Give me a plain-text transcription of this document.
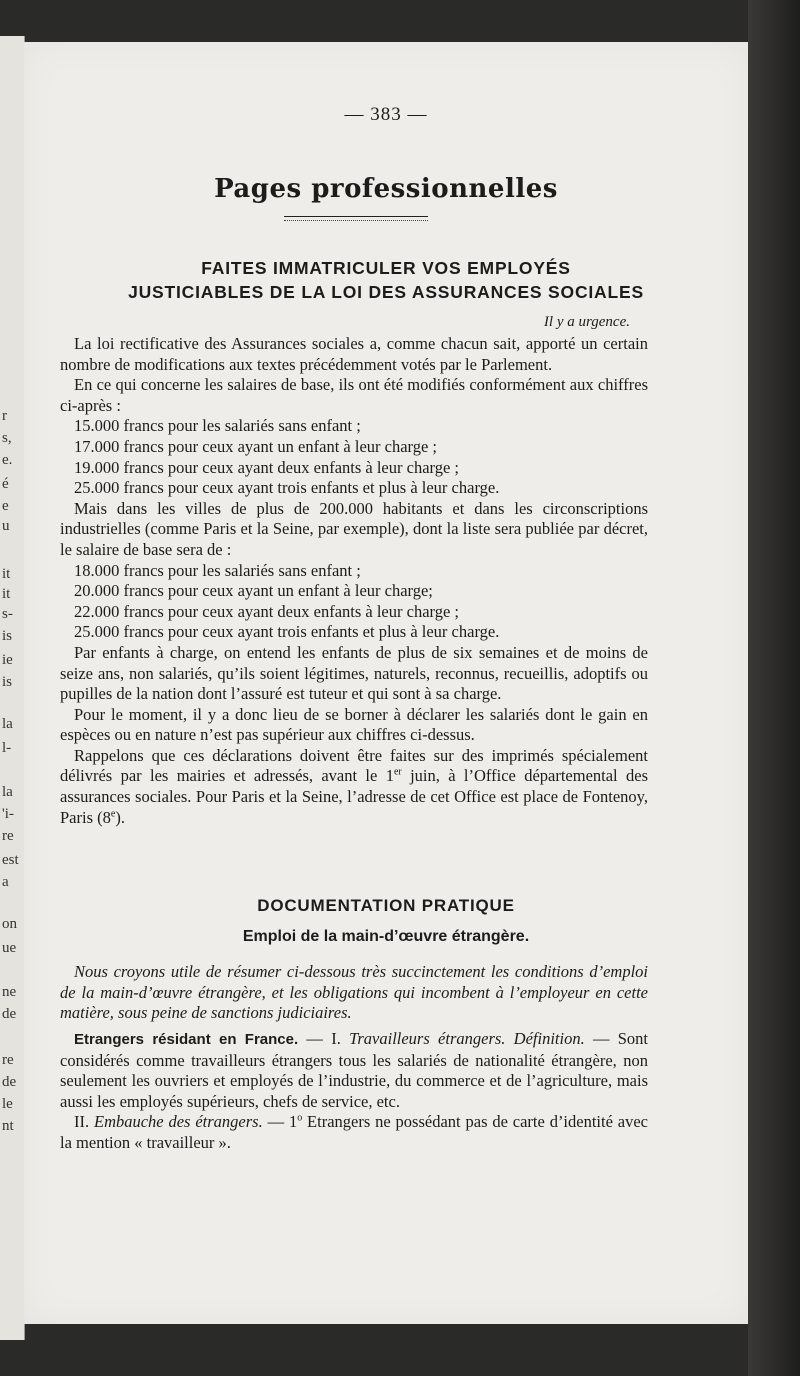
r
s,
e.
é
e
u
it
it
s-
is
ie
is
la
l-
la
'i-
re
est
a
on
ue
ne
de
re
de
le
nt
— 383 —
Pages professionnelles
FAITES IMMATRICULER VOS EMPLOYÉS
JUSTICIABLES DE LA LOI DES ASSURANCES SOCIALES
Il y a urgence.

La loi rectificative des Assurances sociales a, comme chacun sait, apporté un certain nombre de modifications aux textes précédemment votés par le Parlement.

En ce qui concerne les salaires de base, ils ont été modifiés conformément aux chiffres ci-après :

15.000 francs pour les salariés sans enfant ;

17.000 francs pour ceux ayant un enfant à leur charge ;

19.000 francs pour ceux ayant deux enfants à leur charge ;

25.000 francs pour ceux ayant trois enfants et plus à leur charge.

Mais dans les villes de plus de 200.000 habitants et dans les circonscriptions industrielles (comme Paris et la Seine, par exemple), dont la liste sera publiée par décret, le salaire de base sera de :

18.000 francs pour les salariés sans enfant ;

20.000 francs pour ceux ayant un enfant à leur charge;

22.000 francs pour ceux ayant deux enfants à leur charge ;

25.000 francs pour ceux ayant trois enfants et plus à leur charge.

Par enfants à charge, on entend les enfants de plus de six semaines et de moins de seize ans, non salariés, qu’ils soient légitimes, naturels, reconnus, recueillis, adoptifs ou pupilles de la nation dont l’assuré est tuteur et qui sont à sa charge.

Pour le moment, il y a donc lieu de se borner à déclarer les salariés dont le gain en espèces ou en nature n’est pas supérieur aux chiffres ci-dessus.

Rappelons que ces déclarations doivent être faites sur des imprimés spécialement délivrés par les mairies et adressés, avant le 1er juin, à l’Office départemental des assurances sociales. Pour Paris et la Seine, l’adresse de cet Office est place de Fontenoy, Paris (8e).

DOCUMENTATION PRATIQUE
Emploi de la main-d’œuvre étrangère.

Nous croyons utile de résumer ci-dessous très succinctement les conditions d’emploi de la main-d’œuvre étrangère, et les obligations qui incombent à l’employeur en cette matière, sous peine de sanctions judiciaires.

Etrangers résidant en France. — I. Travailleurs étrangers. Définition. — Sont considérés comme travailleurs étrangers tous les salariés de nationalité étrangère, non seulement les ouvriers et employés de l’industrie, du commerce et de l’agriculture, mais aussi les employés supérieurs, chefs de service, etc.

II. Embauche des étrangers. — 1$^o$ Etrangers ne possédant pas de carte d’identité avec la mention « travailleur ».
